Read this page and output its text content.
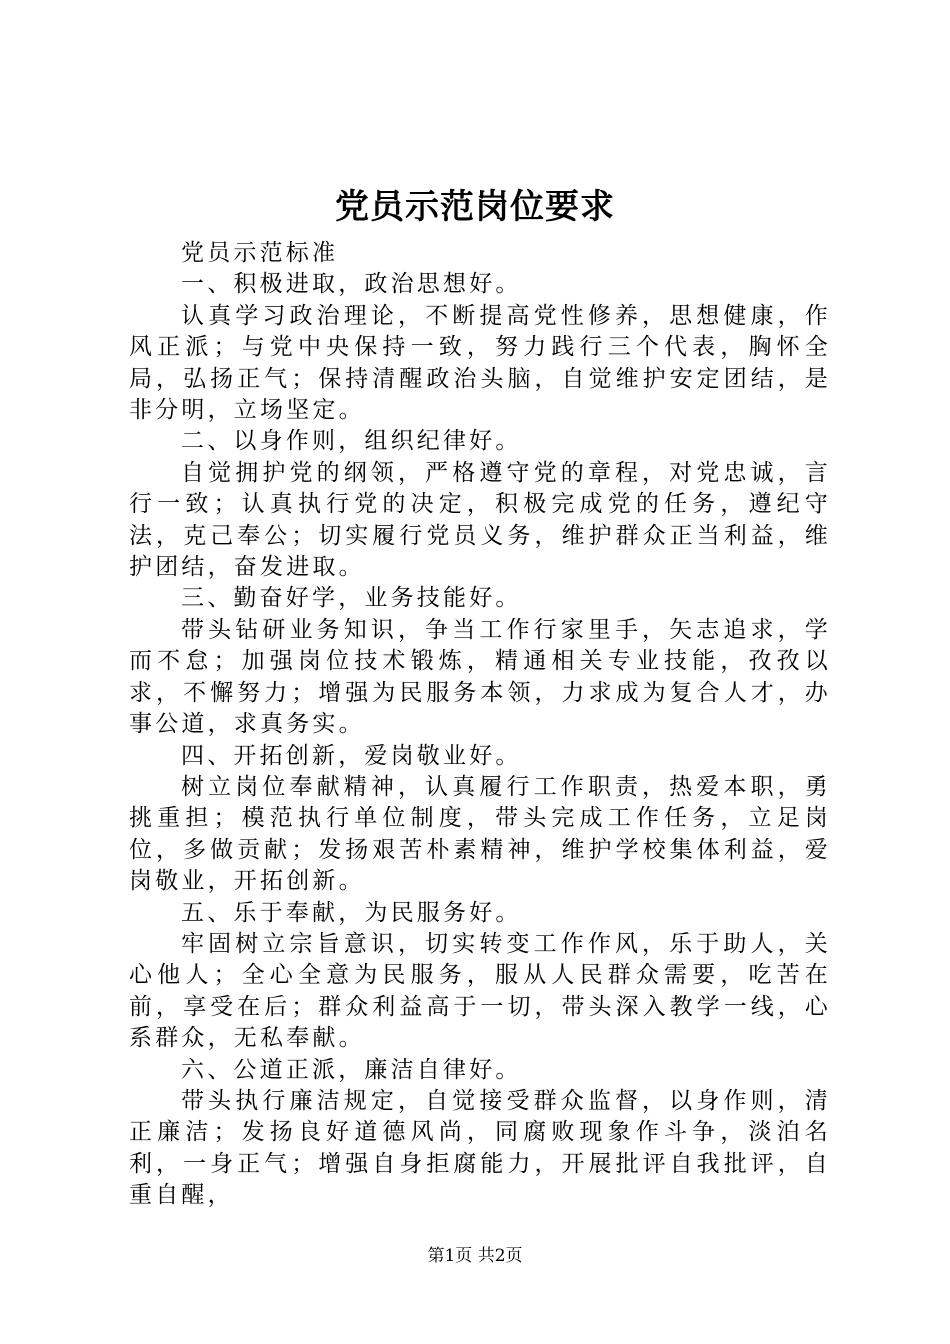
党员示范岗位要求

党员示范标准

一、积极进取，政治思想好。

认真学习政治理论，不断提高党性修养，思想健康，作风正派；与党中央保持一致，努力践行三个代表，胸怀全局，弘扬正气；保持清醒政治头脑，自觉维护安定团结，是非分明，立场坚定。

二、以身作则，组织纪律好。

自觉拥护党的纲领，严格遵守党的章程，对党忠诚，言行一致；认真执行党的决定，积极完成党的任务，遵纪守法，克己奉公；切实履行党员义务，维护群众正当利益，维护团结，奋发进取。

三、勤奋好学，业务技能好。

带头钻研业务知识，争当工作行家里手，矢志追求，学而不怠；加强岗位技术锻炼，精通相关专业技能，孜孜以求，不懈努力；增强为民服务本领，力求成为复合人才，办事公道，求真务实。

四、开拓创新，爱岗敬业好。

树立岗位奉献精神，认真履行工作职责，热爱本职，勇挑重担；模范执行单位制度，带头完成工作任务，立足岗位，多做贡献；发扬艰苦朴素精神，维护学校集体利益，爱岗敬业，开拓创新。

五、乐于奉献，为民服务好。

牢固树立宗旨意识，切实转变工作作风，乐于助人，关心他人；全心全意为民服务，服从人民群众需要，吃苦在前，享受在后；群众利益高于一切，带头深入教学一线，心系群众，无私奉献。

六、公道正派，廉洁自律好。

带头执行廉洁规定，自觉接受群众监督，以身作则，清正廉洁；发扬良好道德风尚，同腐败现象作斗争，淡泊名利，一身正气；增强自身拒腐能力，开展批评自我批评，自重自醒，

第1页 共2页
